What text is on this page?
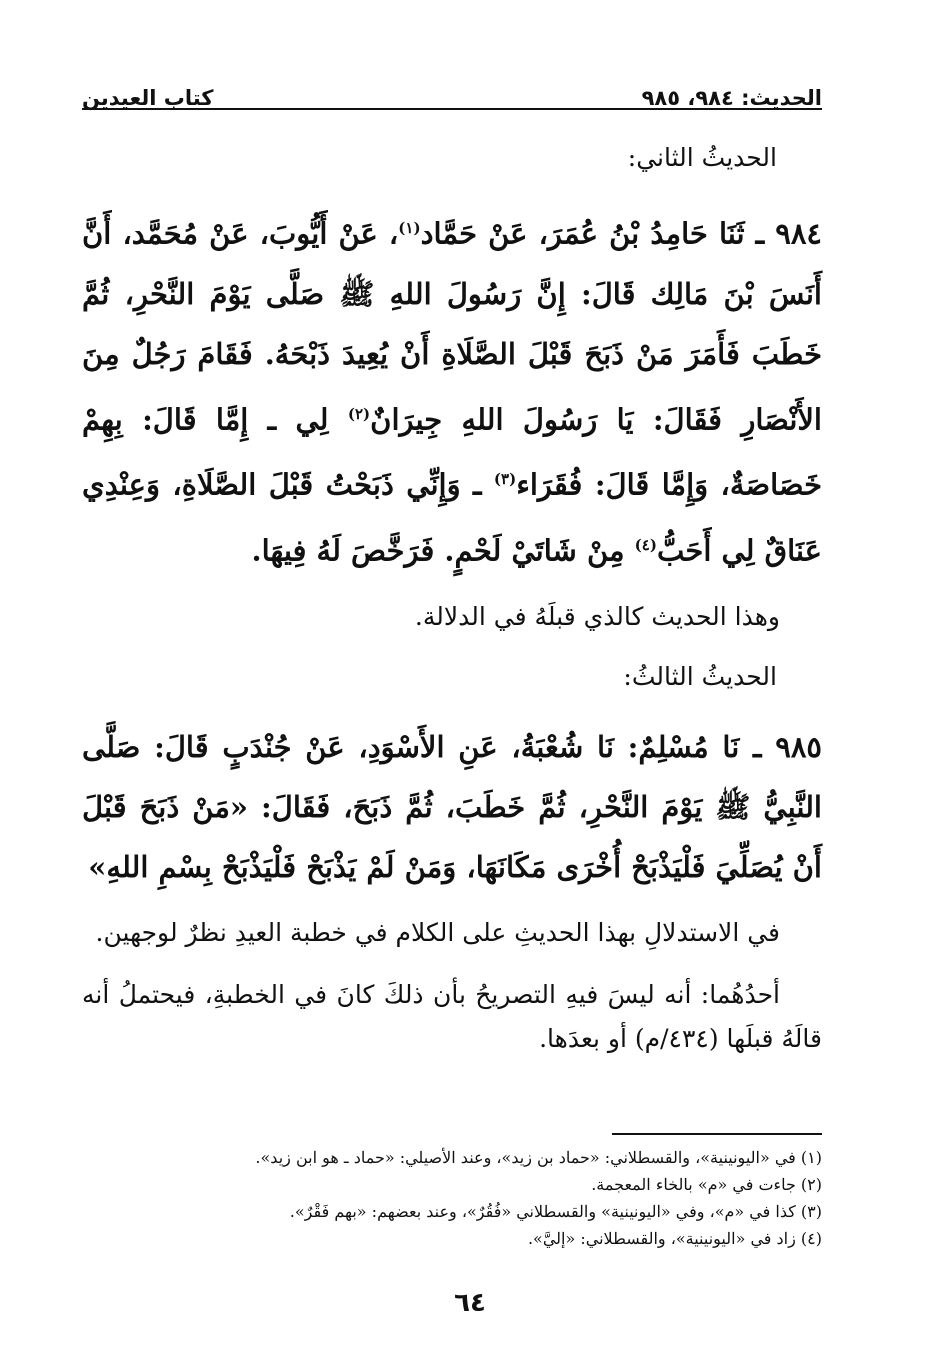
الحديث: ٩٨٤، ٩٨٥
كتاب العيدين
الحديثُ الثاني:

٩٨٤ ـ ثَنَا حَامِدُ بْنُ عُمَرَ، عَنْ حَمَّاد$^{(١)}$، عَنْ أَيُّوبَ، عَنْ مُحَمَّد، أَنَّ أَنَسَ بْنَ مَالِك قَالَ: إِنَّ رَسُولَ اللهِ ﷺ صَلَّى يَوْمَ النَّحْرِ، ثُمَّ خَطَبَ فَأَمَرَ مَنْ ذَبَحَ قَبْلَ الصَّلَاةِ أَنْ يُعِيدَ ذَبْحَهُ. فَقَامَ رَجُلٌ مِنَ الأَنْصَارِ فَقَالَ: يَا رَسُولَ اللهِ جِيرَانٌ$^{(٢)}$ لِي ـ إِمَّا قَالَ: بِهِمْ خَصَاصَةٌ، وَإِمَّا قَالَ: فُقَرَاء$^{(٣)}$ ـ وَإِنِّي ذَبَحْتُ قَبْلَ الصَّلَاةِ، وَعِنْدِي عَنَاقٌ لِي أَحَبُّ$^{(٤)}$ مِنْ شَاتَيْ لَحْمٍ. فَرَخَّصَ لَهُ فِيهَا.

وهذا الحديث كالذي قبلَهُ في الدلالة.

الحديثُ الثالثُ:

٩٨٥ ـ نَا مُسْلِمٌ: نَا شُعْبَةُ، عَنِ الأَسْوَدِ، عَنْ جُنْدَبٍ قَالَ: صَلَّى النَّبِيُّ ﷺ يَوْمَ النَّحْرِ، ثُمَّ خَطَبَ، ثُمَّ ذَبَحَ، فَقَالَ: «مَنْ ذَبَحَ قَبْلَ أَنْ يُصَلِّيَ فَلْيَذْبَحْ أُخْرَى مَكَانَهَا، وَمَنْ لَمْ يَذْبَحْ فَلْيَذْبَحْ بِسْمِ اللهِ»

في الاستدلالِ بهذا الحديثِ على الكلام في خطبة العيدِ نظرٌ لوجهين.

أحدُهُما: أنه ليسَ فيهِ التصريحُ بأن ذلكَ كانَ في الخطبةِ، فيحتملُ أنه قالَهُ قبلَها (٤٣٤/م) أو بعدَها.

(١) في «اليونينية»، والقسطلاني: «حماد بن زيد»، وعند الأصيلي: «حماد ـ هو ابن زيد».
(٢) جاءت في «م» بالخاء المعجمة.
(٣) كذا في «م»، وفي «اليونينية» والقسطلاني «فُقُرٌ»، وعند بعضهم: «بهم فَقْرٌ».
(٤) زاد في «اليونينية»، والقسطلاني: «إليَّ».
٦٤
